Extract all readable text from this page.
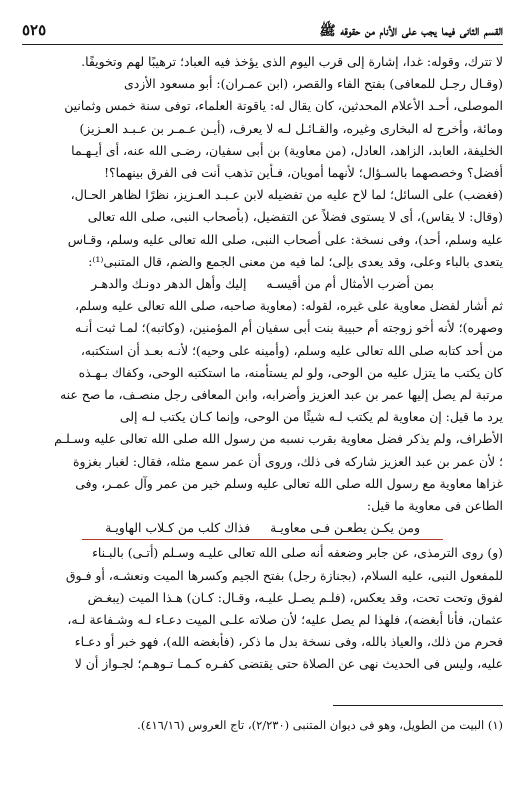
القسم الثانى فيما يجب على الأنام من حقوقه ﷺ
٥٢٥

لا تترك، وقوله: غدا، إشارة إلى قرب اليوم الذى يؤخذ فيه العباد؛ ترهيبًا لهم وتخويفًا.

(وقـال رجـل للمعافى) بفتح الفاء والقصر، (ابن عمـران): أبو مسعود الأزدى

الموصلى، أحـد الأعلام المحدثين، كان يقال له: ياقوتة العلماء، توفى سنة خمس وثمانين

ومائة، وأخرج له البخارى وغيره، والقـائـل لـه لا يعرف، (أيـن عـمـر بن عـبـد العـزيز)

الخليفة، العابد، الزاهد، العادل، (من معاوية) بن أبى سفيان، رضـى الله عنه، أى أيـهـما

أفضل؟ وخصصهما بالسـؤال؛ لأنهما أمويان، فـأين تذهب أنت فى الفرق بينهما؟!

(فغضب) على السائل؛ لما لاح عليه من تفضيله لابن عـبـد العـزيز، نظرًا لظاهر الحـال،

(وقال: لا يقاس)، أى لا يستوى فضلاً عن التفضيل، (بأصحاب النبى، صلى الله تعالى

عليه وسلم، أحد)، وفى نسخة: على أصحاب النبى، صلى الله تعالى عليه وسلم، وقـاس

يتعدى بالباء وعلى، وقد يعدى بإلى؛ لما فيه من معنى الجمع والضم، قال المتنبى⁽¹⁾:

بمن أضرب الأمثال أم من أقيسـه
إليك وأهل الدهر دونـك والدهـر

ثم أشار لفضل معاوية على غيره، لقوله: (معاوية صاحبه، صلى الله تعالى عليه وسلم،

وصهره)؛ لأنه أخو زوجته أم حبيبة بنت أبى سفيان أم المؤمنين، (وكاتبه)؛ لمـا ثبت أنـه

من أحد كتابه صلى الله تعالى عليه وسلم، (وأمينه على وحيه)؛ لأنـه بعـد أن استكتبه،

كان يكتب ما يتزل عليه من الوحى، ولو لم يستأمنه، ما استكتبه الوحى، وكفاك بـهـذه

مرتبة لم يصل إليها عمر بن عبد العزيز وأضرابه، وابن المعافى رجل منصـف، ما صح عنه

يرد ما قيل: إن معاوية لم يكتب لـه شيئًا من الوحى، وإنما كـان يكتب لـه إلى

الأطراف، ولم يذكر فضل معاوية بقرب نسبه من رسول الله صلى الله تعالى عليه وسـلـم

؛ لأن عمر بن عبد العزيز شاركه فى ذلك، وروى أن عمر سمع مثله، فقال: لغبار بغزوة

غزاها معاوية مع رسول الله صلى الله تعالى عليه وسلم خير من عمر وآل عمـر، وفى

الطاعن فى معاوية ما قيل:

ومن يكـن يطعـن فـى معاويـة
فذاك كلب من كـلاب الهاويـة

(و) روى الترمذى، عن جابر وضعفه أنه صلى الله تعالى عليـه وسـلم (أتـى) بالبـناء

للمفعول النبى، عليه السلام، (بجنازة رجل) بفتح الجيم وكسرها الميت ونعشـه، أو فـوق

لفوق وتحت تحت، وقد يعكس، (فلـم يصـل عليـه، وقـال: كـان) هـذا الميت (يبغـض

عثمان، فأنا أبغضه)، فلهذا لم يصل عليه؛ لأن صلاته علـى الميت دعـاء لـه وشـفاعة لـه،

فحرم من ذلك، والعياذ بالله، وفى نسخة بدل ما ذكر، (فأبغضه الله)، فهو خبر أو دعـاء

عليه، وليس فى الحديث نهى عن الصلاة حتى يقتضى كفـره كـمـا تـوهـم؛ لجـواز أن لا

(١) البيت من الطويل، وهو فى ديوان المتنبى (٢/٢٣٠)، تاج العروس (٤١٦/١٦).
